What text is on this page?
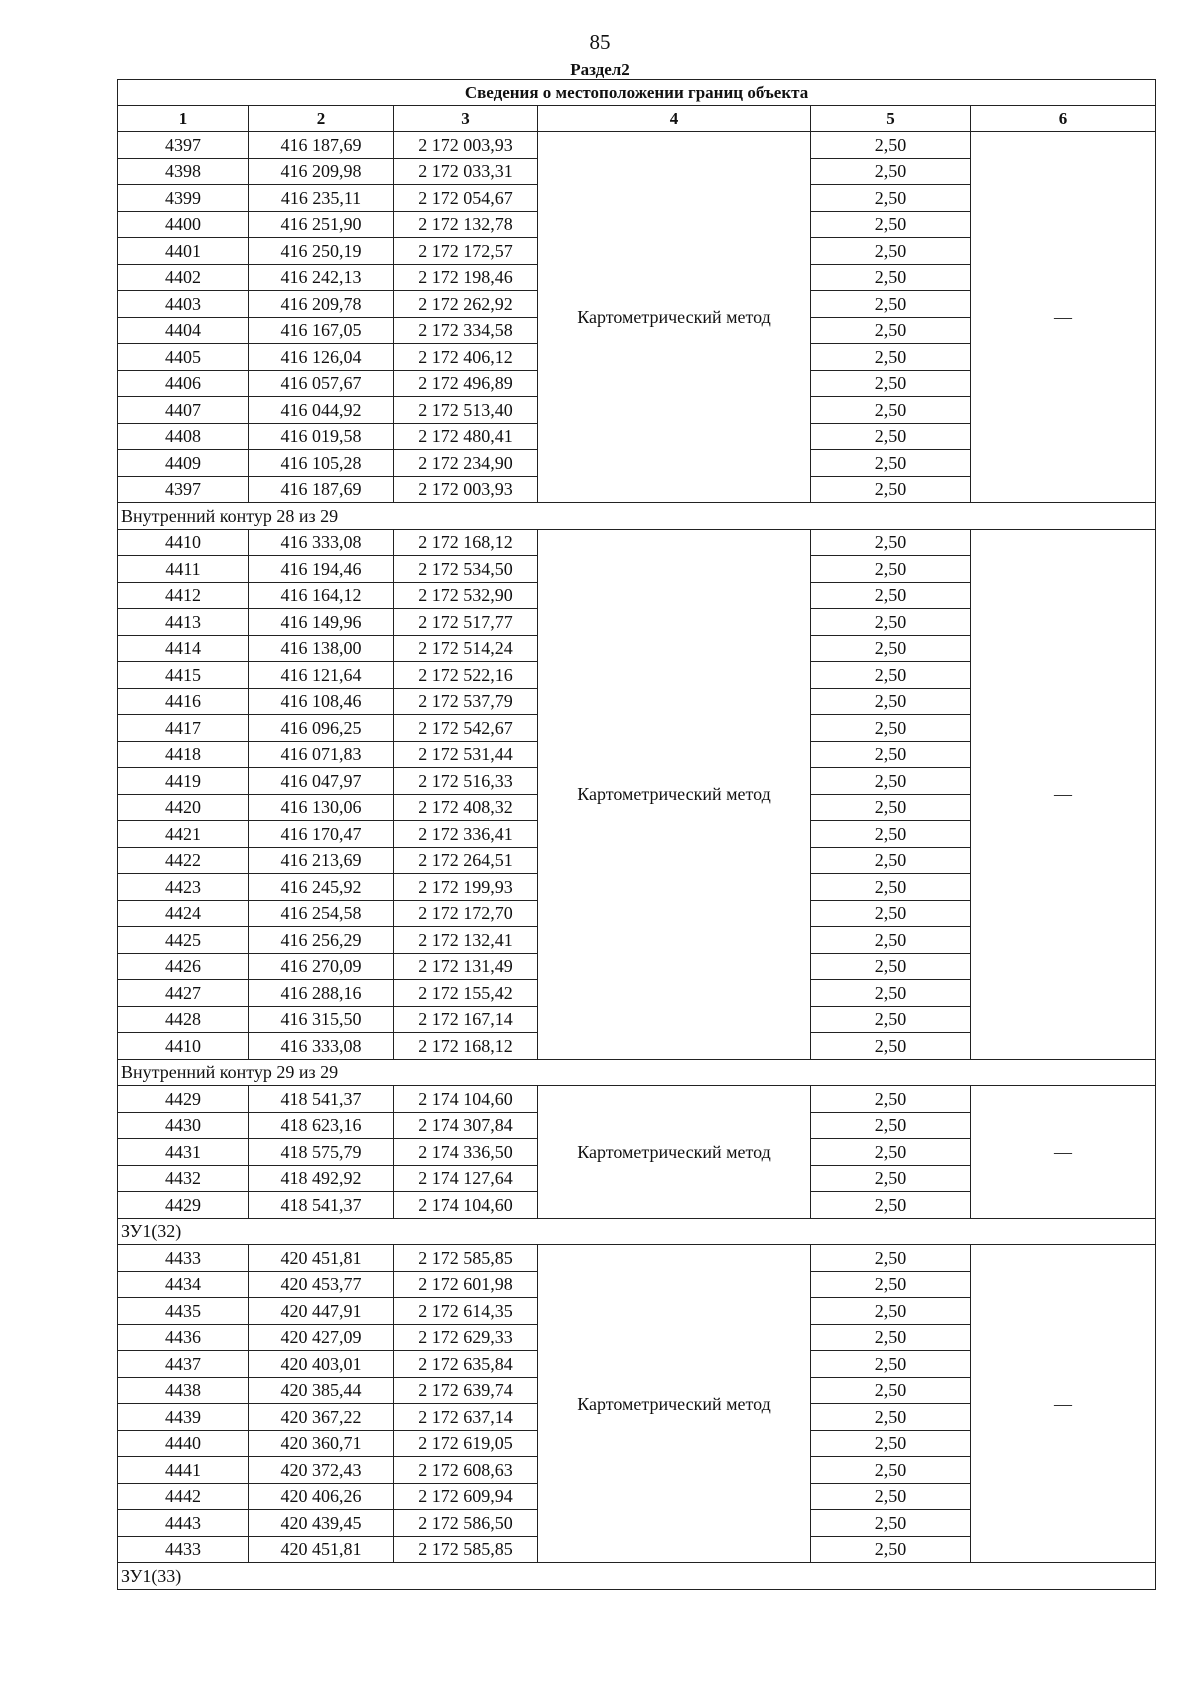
85
Раздел2
Сведения о местоположении границ объекта					
1	2	3	4	5	6
4397	416 187,69	2 172 003,93	Картометрический метод	2,50	—
4398	416 209,98	2 172 033,31		2,50	
4399	416 235,11	2 172 054,67		2,50	
4400	416 251,90	2 172 132,78		2,50	
4401	416 250,19	2 172 172,57		2,50	
4402	416 242,13	2 172 198,46		2,50	
4403	416 209,78	2 172 262,92		2,50	
4404	416 167,05	2 172 334,58		2,50	
4405	416 126,04	2 172 406,12		2,50	
4406	416 057,67	2 172 496,89		2,50	
4407	416 044,92	2 172 513,40		2,50	
4408	416 019,58	2 172 480,41		2,50	
4409	416 105,28	2 172 234,90		2,50	
4397	416 187,69	2 172 003,93		2,50	
Внутренний контур 28 из 29					
4410	416 333,08	2 172 168,12	Картометрический метод	2,50	—
4411	416 194,46	2 172 534,50		2,50	
4412	416 164,12	2 172 532,90		2,50	
4413	416 149,96	2 172 517,77		2,50	
4414	416 138,00	2 172 514,24		2,50	
4415	416 121,64	2 172 522,16		2,50	
4416	416 108,46	2 172 537,79		2,50	
4417	416 096,25	2 172 542,67		2,50	
4418	416 071,83	2 172 531,44		2,50	
4419	416 047,97	2 172 516,33		2,50	
4420	416 130,06	2 172 408,32		2,50	
4421	416 170,47	2 172 336,41		2,50	
4422	416 213,69	2 172 264,51		2,50	
4423	416 245,92	2 172 199,93		2,50	
4424	416 254,58	2 172 172,70		2,50	
4425	416 256,29	2 172 132,41		2,50	
4426	416 270,09	2 172 131,49		2,50	
4427	416 288,16	2 172 155,42		2,50	
4428	416 315,50	2 172 167,14		2,50	
4410	416 333,08	2 172 168,12		2,50	
Внутренний контур 29 из 29					
4429	418 541,37	2 174 104,60	Картометрический метод	2,50	—
4430	418 623,16	2 174 307,84		2,50	
4431	418 575,79	2 174 336,50		2,50	
4432	418 492,92	2 174 127,64		2,50	
4429	418 541,37	2 174 104,60		2,50	
ЗУ1(32)					
4433	420 451,81	2 172 585,85	Картометрический метод	2,50	—
4434	420 453,77	2 172 601,98		2,50	
4435	420 447,91	2 172 614,35		2,50	
4436	420 427,09	2 172 629,33		2,50	
4437	420 403,01	2 172 635,84		2,50	
4438	420 385,44	2 172 639,74		2,50	
4439	420 367,22	2 172 637,14		2,50	
4440	420 360,71	2 172 619,05		2,50	
4441	420 372,43	2 172 608,63		2,50	
4442	420 406,26	2 172 609,94		2,50	
4443	420 439,45	2 172 586,50		2,50	
4433	420 451,81	2 172 585,85		2,50	
ЗУ1(33)					
